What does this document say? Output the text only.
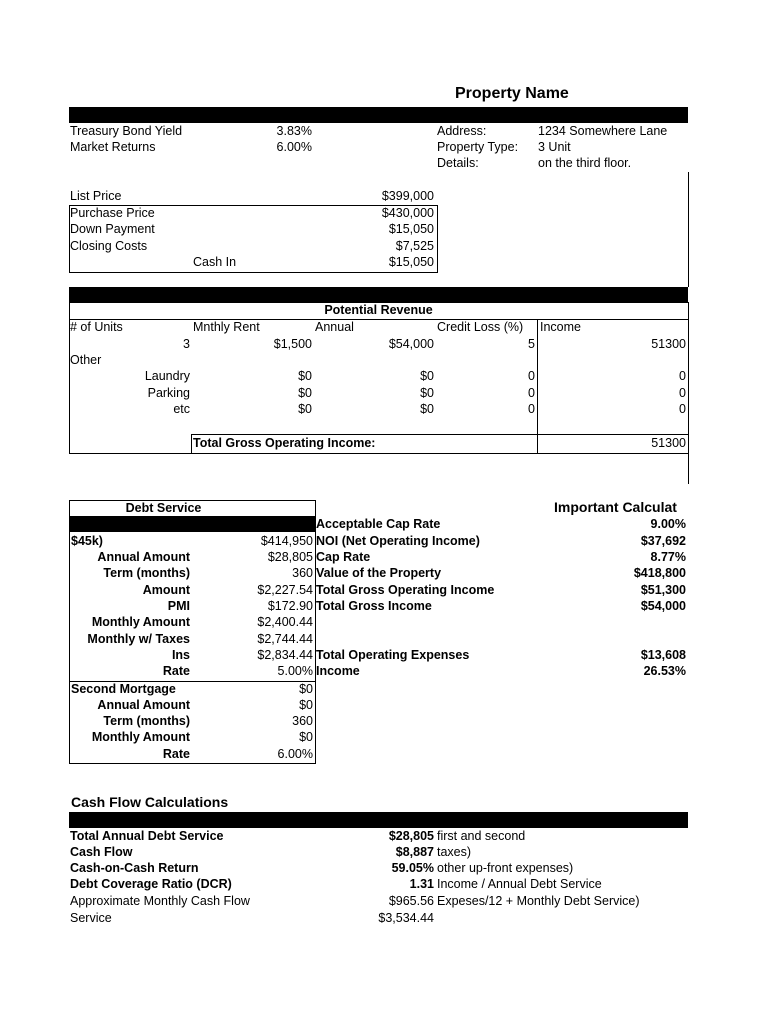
Property Name
Treasury Bond Yield	3.83%
Market Returns	6.00%
Address:	1234 Somewhere Lane
Property Type: 3 Unit
Details:	on the third floor.
List Price	$399,000
Purchase Price	$430,000
Down Payment	$15,050
Closing Costs	$7,525
Cash In	$15,050
Potential Revenue
# of Units	Mnthly Rent	Annual	Credit Loss (%) Income
3	$1,500	$54,000	5	51300
Other
Laundry	$0	$0	0	0
Parking	$0	$0	0	0
etc	$0	$0	0	0
Total Gross Operating Income:	51300
Debt Service
$45k)	$414,950
Annual Amount	$28,805
Term (months)	360
Amount	$2,227.54
PMI	$172.90
Monthly Amount	$2,400.44
Monthly w/ Taxes	$2,744.44
Ins	$2,834.44
Rate	5.00%
Second Mortgage	$0
Annual Amount	$0
Term (months)	360
Monthly Amount	$0
Rate	6.00%
Important Calculat
Acceptable Cap Rate	9.00%
NOI (Net Operating Income)	$37,692
Cap Rate	8.77%
Value of the Property	$418,800
Total Gross Operating Income	$51,300
Total Gross Income	$54,000
Total Operating Expenses	$13,608
Income	26.53%
Cash Flow Calculations
Total Annual Debt Service	$28,805 first and second
Cash Flow	$8,887 taxes)
Cash-on-Cash Return	59.05% other up-front expenses)
Debt Coverage Ratio (DCR)	1.31 Income / Annual Debt Service
Approximate Monthly Cash Flow	$965.56 Expeses/12 + Monthly Debt Service)
Service	$3,534.44
